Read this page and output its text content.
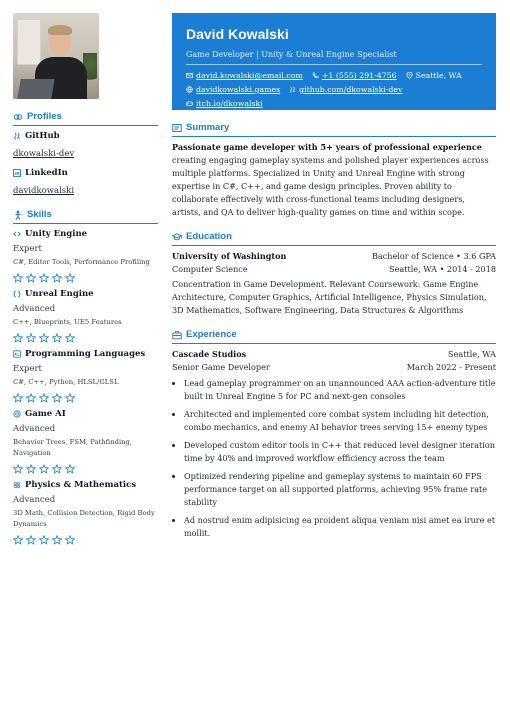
Profiles
GitHub
dkowalski-dev
LinkedIn
davidkowalski
Skills
Unity Engine
Expert
C#, Editor Tools, Performance Profiling
Unreal Engine
Advanced
C++, Blueprints, UE5 Features
Programming Languages
Expert
C#, C++, Python, HLSL/GLSL
Game AI
Advanced
Behavior Trees, FSM, Pathfinding, Navigation
Physics & Mathematics
Advanced
3D Math, Collision Detection, Rigid Body Dynamics
David Kowalski
Game Developer | Unity & Unreal Engine Specialist
david.kowalski@email.com +1 (555) 291-4756 Seattle, WA
davidkowalski.games github.com/dkowalski-dev
itch.io/dkowalski
Summary
Passionate game developer with 5+ years of professional experience creating engaging gameplay systems and polished player experiences across multiple platforms. Specialized in Unity and Unreal Engine with strong expertise in C#, C++, and game design principles. Proven ability to collaborate effectively with cross-functional teams including designers, artists, and QA to deliver high-quality games on time and within scope.
Education
University of Washington	Bachelor of Science • 3.6 GPA
Computer Science	Seattle, WA • 2014 - 2018
Concentration in Game Development. Relevant Coursework: Game Engine Architecture, Computer Graphics, Artificial Intelligence, Physics Simulation, 3D Mathematics, Software Engineering, Data Structures & Algorithms
Experience
Cascade Studios	Seattle, WA
Senior Game Developer	March 2022 - Present
• Lead gameplay programmer on an unannounced AAA action-adventure title built in Unreal Engine 5 for PC and next-gen consoles
• Architected and implemented core combat system including hit detection, combo mechanics, and enemy AI behavior trees serving 15+ enemy types
• Developed custom editor tools in C++ that reduced level designer iteration time by 40% and improved workflow efficiency across the team
• Optimized rendering pipeline and gameplay systems to maintain 60 FPS performance target on all supported platforms, achieving 95% frame rate stability
• Ad nostrud enim adipisicing ea proident aliqua veniam nisi amet ea irure et mollit.
